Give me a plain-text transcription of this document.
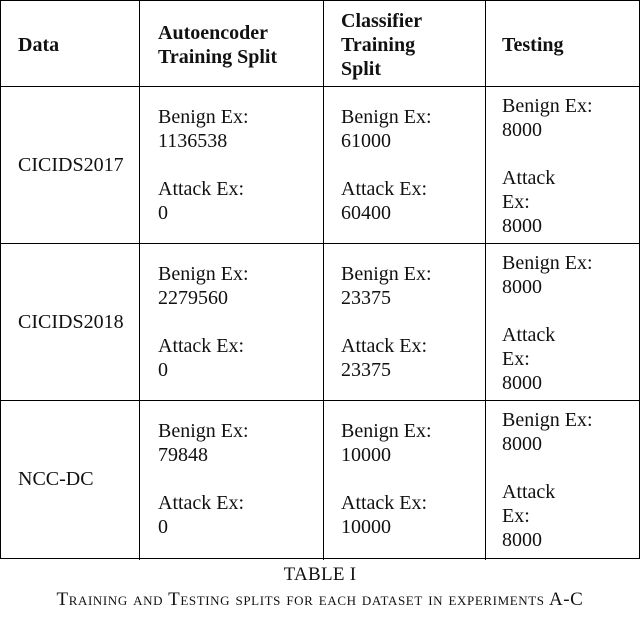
Data
Autoencoder
Training Split
Classifier
Training
Split
Testing
CICIDS2017
Benign Ex:
1136538
Attack Ex:
0
Benign Ex:
61000
Attack Ex:
60400
Benign Ex:
8000
Attack
Ex:
8000
CICIDS2018
Benign Ex:
2279560
Attack Ex:
0
Benign Ex:
23375
Attack Ex:
23375
Benign Ex:
8000
Attack
Ex:
8000
NCC-DC
Benign Ex:
79848
Attack Ex:
0
Benign Ex:
10000
Attack Ex:
10000
Benign Ex:
8000
Attack
Ex:
8000
TABLE I
Training and Testing splits for each dataset in experiments A-C
